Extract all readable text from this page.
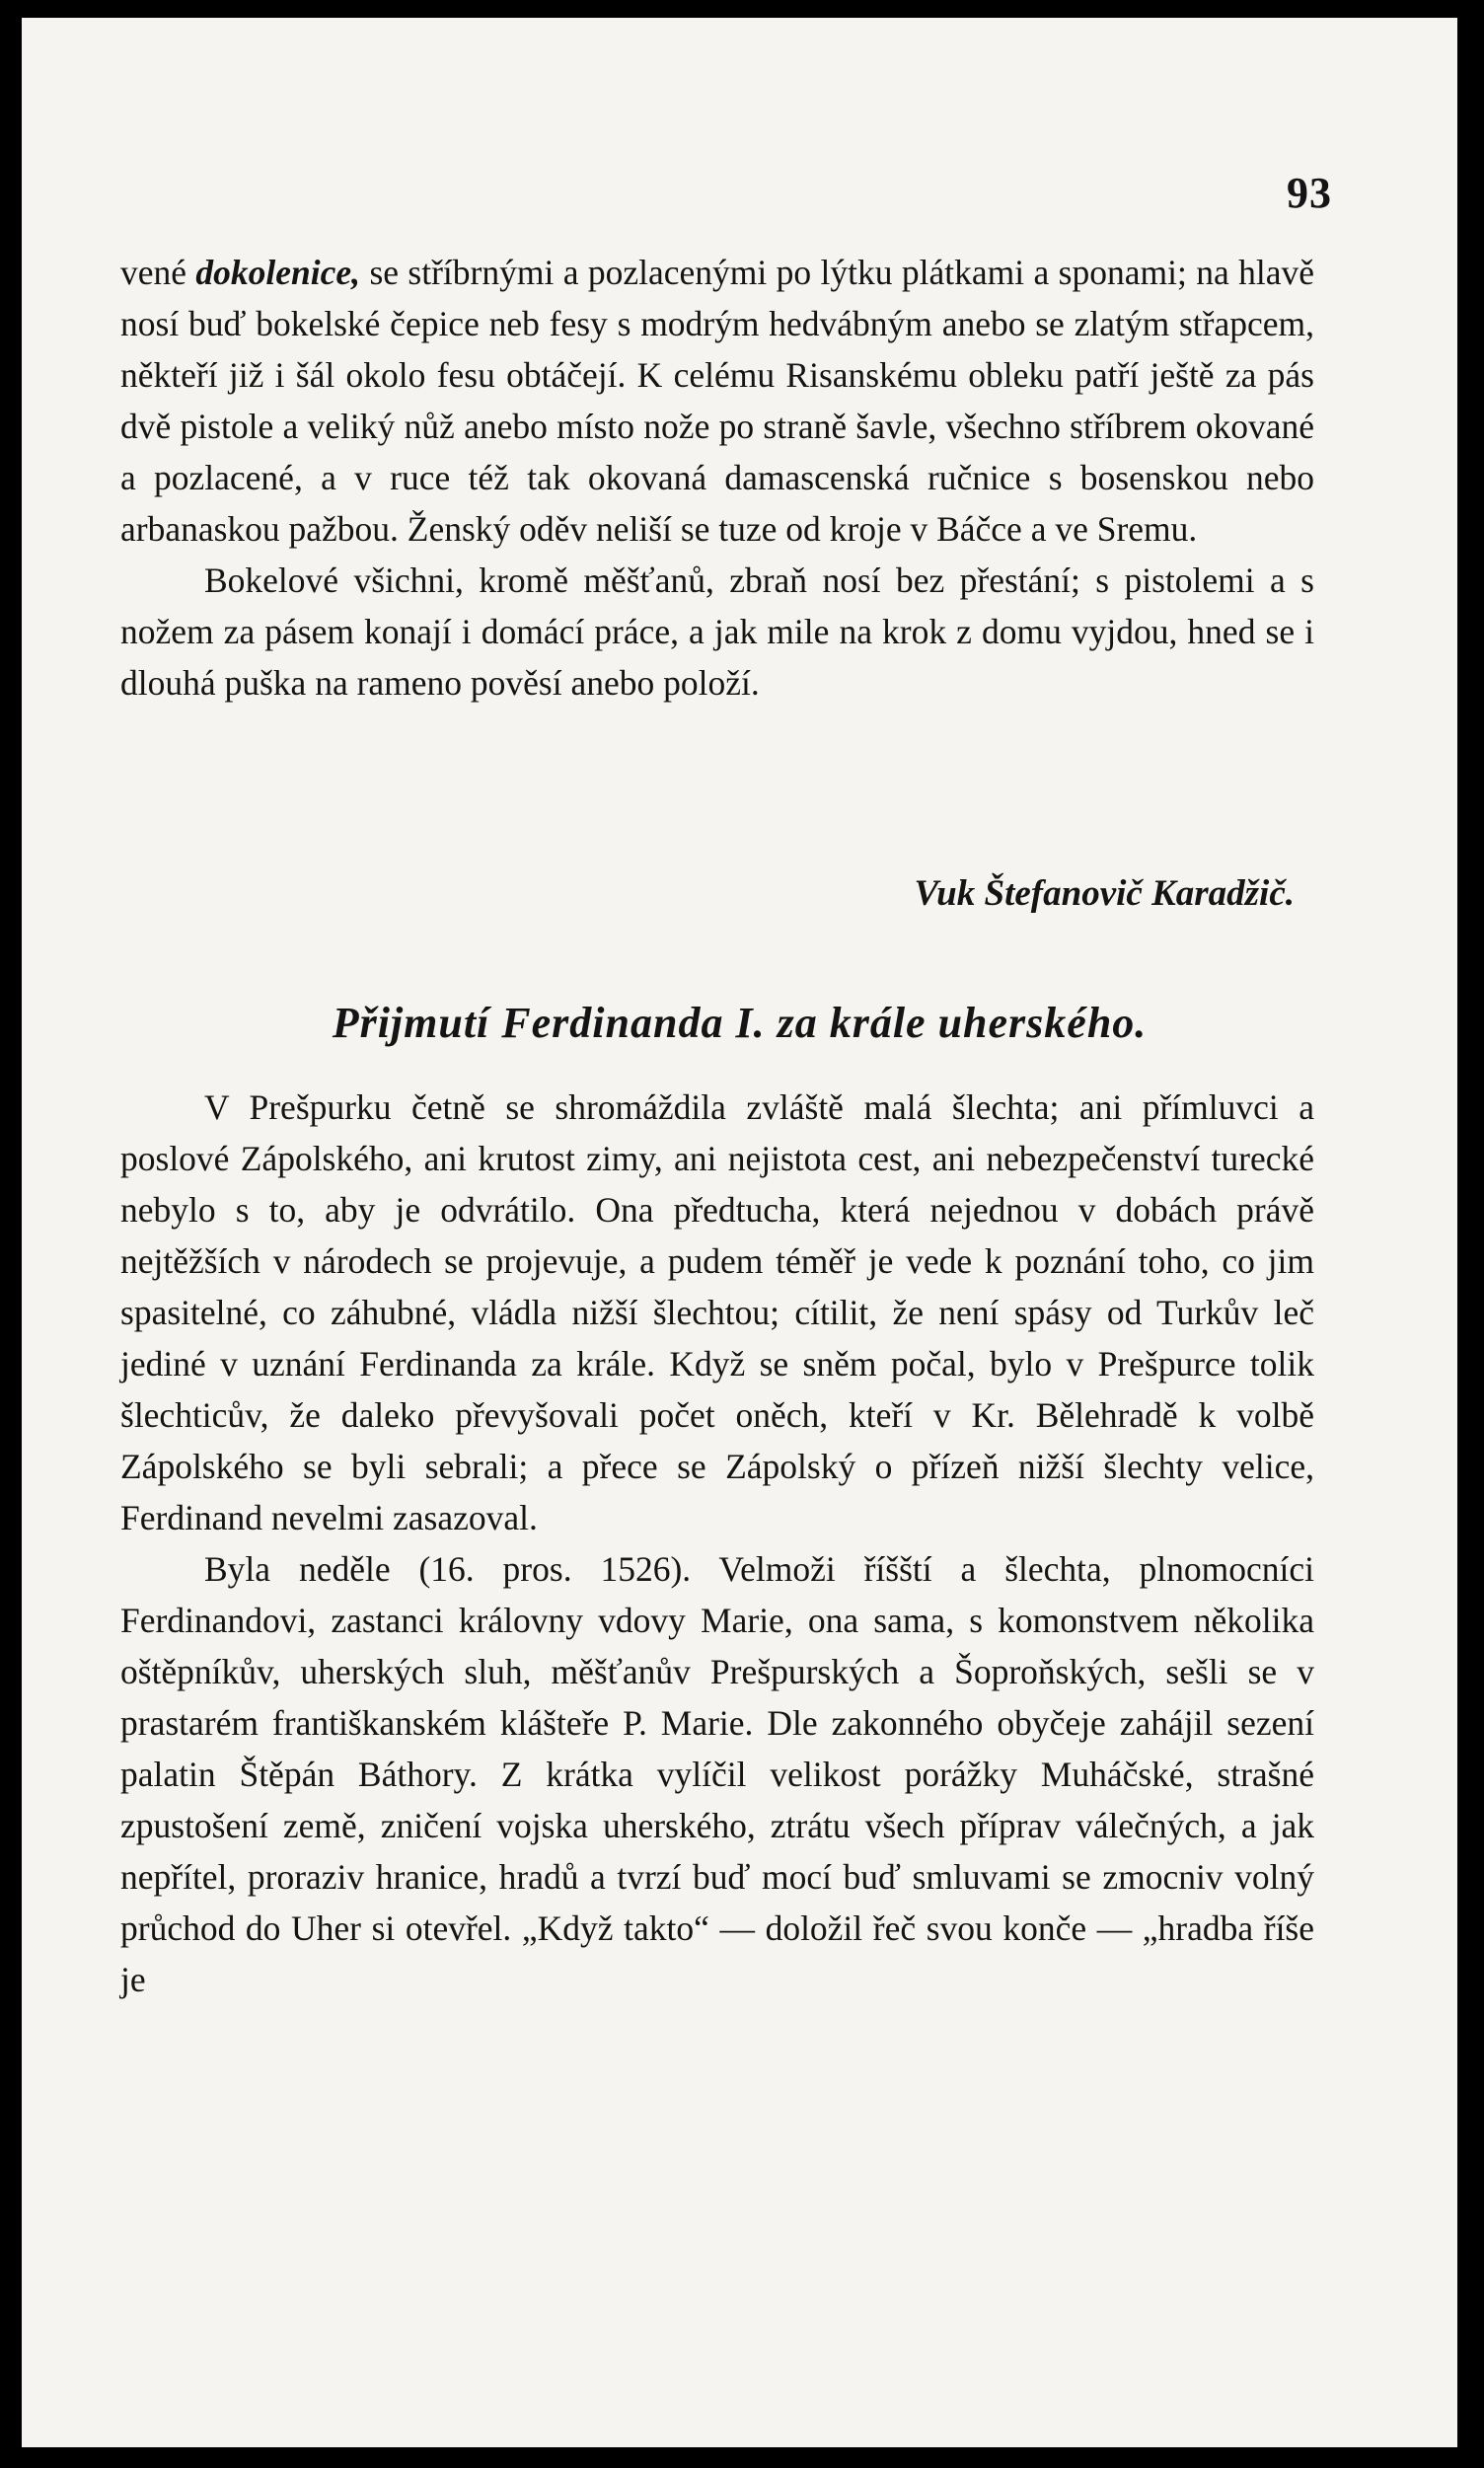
93

vené dokolenice, se stříbrnými a pozlacenými po lýtku plátkami a sponami; na hlavě nosí buď bokelské čepice neb fesy s modrým hedvábným anebo se zlatým střapcem, někteří již i šál okolo fesu obtáčejí. K celému Risanskému obleku patří ještě za pás dvě pistole a veliký nůž anebo místo nože po straně šavle, všechno stříbrem okované a pozlacené, a v ruce též tak okovaná damascenská ručnice s bosenskou nebo arbanaskou pažbou. Ženský oděv neliší se tuze od kroje v Báčce a ve Sremu.

Bokelové všichni, kromě měšťanů, zbraň nosí bez přestání; s pistolemi a s nožem za pásem konají i domácí práce, a jak mile na krok z domu vyjdou, hned se i dlouhá puška na rameno pověsí anebo položí.

Vuk Štefanovič Karadžič.
Přijmutí Ferdinanda I. za krále uherského.

V Prešpurku četně se shromáždila zvláště malá šlechta; ani přímluvci a poslové Zápolského, ani krutost zimy, ani nejistota cest, ani nebezpečenství turecké nebylo s to, aby je odvrátilo. Ona předtucha, která nejednou v dobách právě nejtěžších v národech se projevuje, a pudem téměř je vede k poznání toho, co jim spasitelné, co záhubné, vládla nižší šlechtou; cítilit, že není spásy od Turkův leč jediné v uznání Ferdinanda za krále. Když se sněm počal, bylo v Prešpurce tolik šlechticův, že daleko převyšovali počet oněch, kteří v Kr. Bělehradě k volbě Zápolského se byli sebrali; a přece se Zápolský o přízeň nižší šlechty velice, Ferdinand nevelmi zasazoval.

Byla neděle (16. pros. 1526). Velmoži říšští a šlechta, plnomocníci Ferdinandovi, zastanci královny vdovy Marie, ona sama, s komonstvem několika oštěpníkův, uherských sluh, měšťanův Prešpurských a Šoproňských, sešli se v prastarém františkanském klášteře P. Marie. Dle zakonného obyčeje zahájil sezení palatin Štěpán Báthory. Z krátka vylíčil velikost porážky Muháčské, strašné zpustošení země, zničení vojska uherského, ztrátu všech příprav válečných, a jak nepřítel, proraziv hranice, hradů a tvrzí buď mocí buď smluvami se zmocniv volný průchod do Uher si otevřel. „Když takto“ — doložil řeč svou konče — „hradba říše je
